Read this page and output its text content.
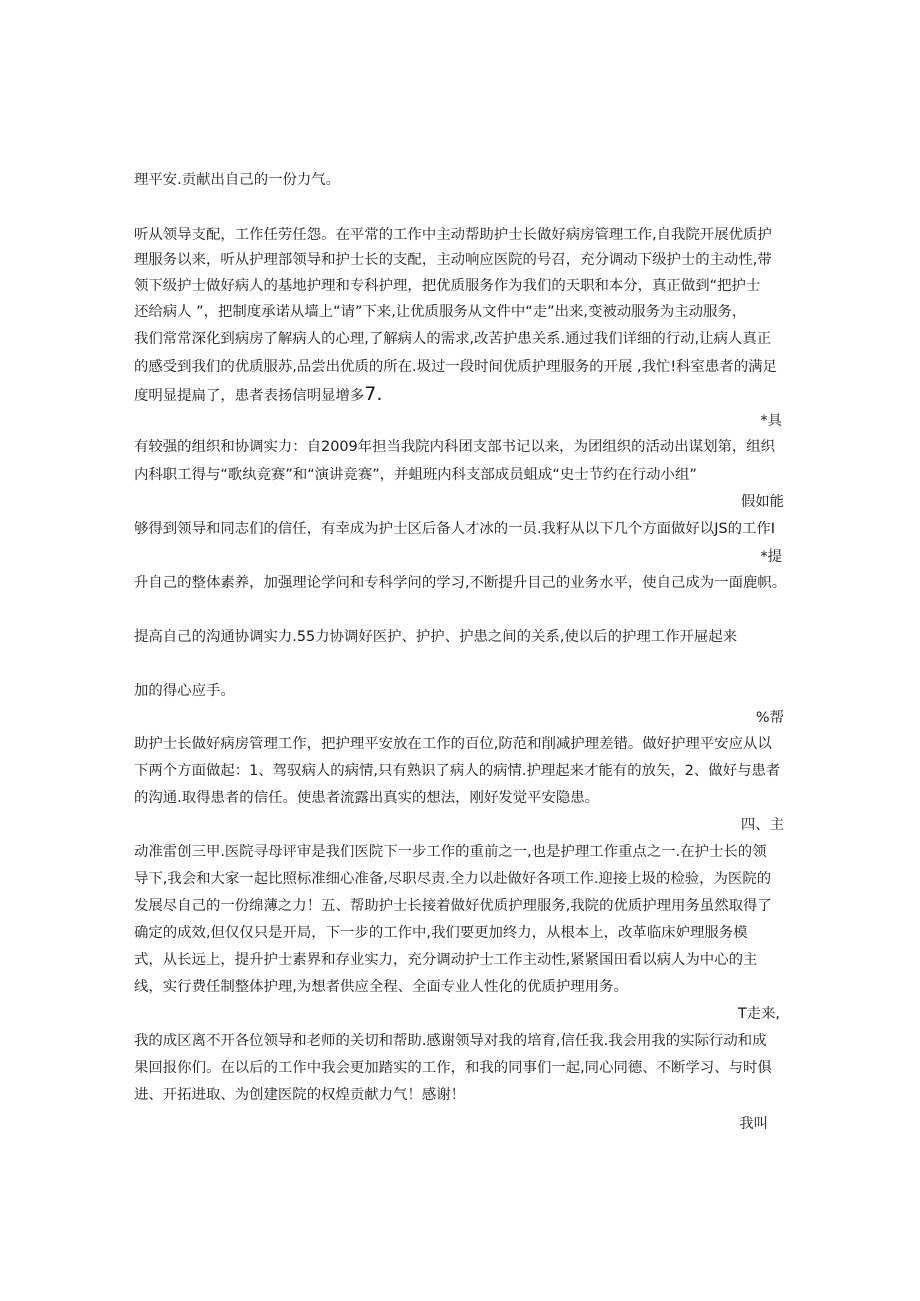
理平安.贡献出自己的一份力气。
听从领导支配，工作任劳任怨。在平常的工作中主动帮助护士长做好病房管理工作,自我院开展优质护
理服务以来，听从护理部领导和护士长的支配，主动响应医院的号召，充分调动下级护士的主动性,带
领下级护士做好病人的基地护理和专科护理，把优质服务作为我们的天职和本分，真正做到“把护士
还给病人 ”，把制度承诺从墙上“请”下来,让优质服务从文件中“走”出来,变被动服务为主动服务，
我们常常深化到病房了解病人的心理,了解病人的需求,改苦护患关系.通过我们详细的行动,让病人真正
的感受到我们的优质服苏,品尝出优质的所在.圾过一段时间优质护理服务的开展 ,我忙!科室患者的满足
度明显提扁了，患者表扬信明显增多7.
*具
有较强的组织和协调实力：自2009年担当我院内科团支部书记以来，为团组织的活动出谋划第，组织
内科职工得与“歌纨竞赛”和“演讲竞赛”，并蛆班内科支部成员蛆成“史士节约在行动小组”
假如能
够得到领导和同志们的信任，有幸成为护士区后备人才冰的一员.我籽从以下几个方面做好以JS的工作I
*提
升自己的整体素养，加强理论学问和专科学问的学习,不断提升目己的业务水平，使自己成为一面鹿帜。
提高自己的沟通协调实力.55力协调好医护、护护、护患之间的关系,使以后的护理工作开屉起来
加的得心应手。
%帮
助护士长做好病房管理工作，把护理平安放在工作的百位,防范和削减护理差错。做好护理平安应从以
下两个方面做起：1、驾驭病人的病情,只有熟识了病人的病情.护理起来才能有的放矢，2、做好与患者
的沟通.取得患者的信任。使患者流露出真实的想法，刚好发觉平安隐患。
四、主
动准雷创三甲.医院寻母评审是我们医院下一步工作的重前之一,也是护理工作重点之一.在护士长的领
导下,我会和大家一起比照标准细心准备,尽职尽责.全力以赴做好各项工作.迎接上圾的检验，为医院的
发展尽自己的一份绵薄之力！五、帮助护士长接着做好优质护理服务,我院的优质护理用务虽然取得了
确定的成效,但仅仅只是开局，下一步的工作中,我们要更加终力，从根本上，改革临床妒理服务模
式，从长远上，提升护士素界和存业实力，充分调动护士工作主动性,紧紧国田看以病人为中心的主
线，实行费任制整体护理,为想者供应全程、全面专业人性化的优质护理用务。
T走来,
我的成区离不开各位领导和老师的关切和帮助.感谢领导对我的培育,信任我.我会用我的实际行动和成
果回报你们。在以后的工作中我会更加踏实的工作，和我的同事们一起,同心同德、不断学习、与时俱
进、开拓进取、为创建医院的权煌贡献力气！感谢！
我叫
